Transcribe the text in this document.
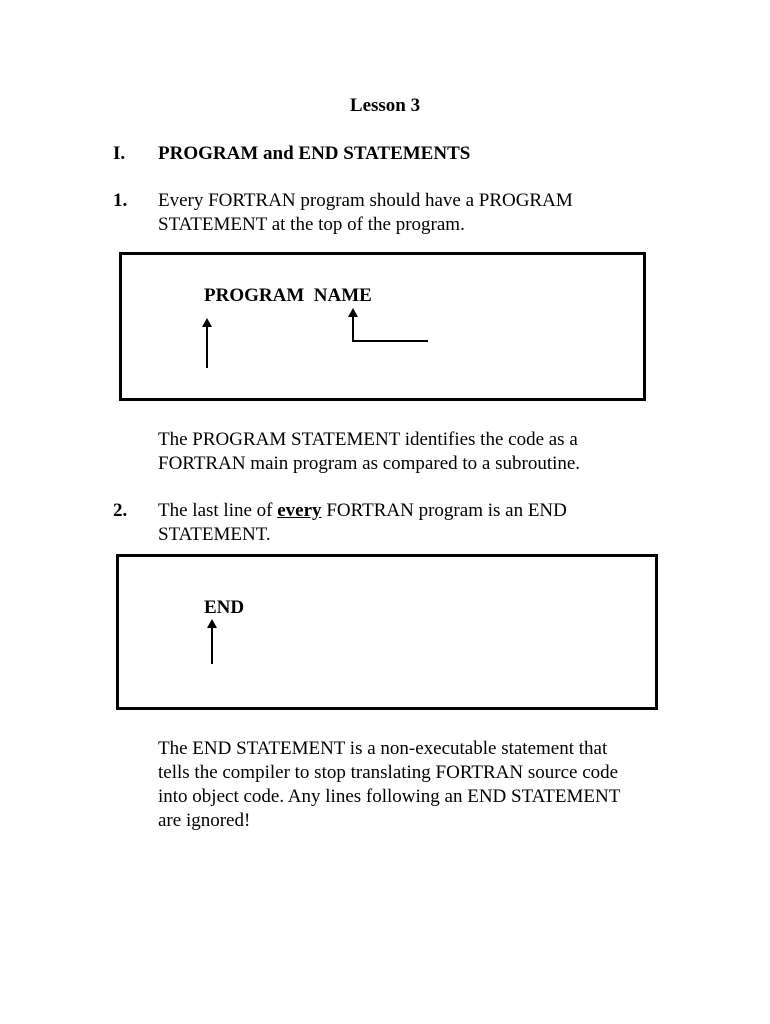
Lesson 3
I. PROGRAM and END STATEMENTS
1. Every FORTRAN program should have a PROGRAM
STATEMENT at the top of the program.
PROGRAM  NAME
The PROGRAM STATEMENT identifies the code as a
FORTRAN main program as compared to a subroutine.
2. The last line of every FORTRAN program is an END
STATEMENT.
END
The END STATEMENT is a non-executable statement that
tells the compiler to stop translating FORTRAN source code
into object code. Any lines following an END STATEMENT
are ignored!
